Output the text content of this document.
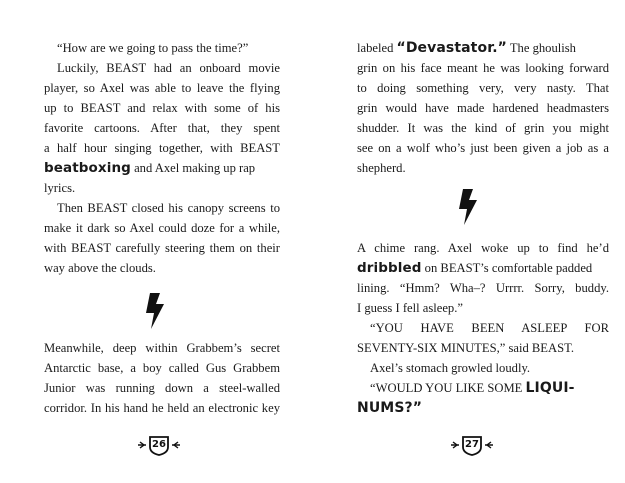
“How are we going to pass the time?”
Luckily, BEAST had an onboard movie
player, so Axel was able to leave the flying
up to BEAST and relax with some of his
favorite cartoons. After that, they spent
a half hour singing together, with BEAST
beatboxing and Axel making up rap
lyrics.
Then BEAST closed his canopy screens to
make it dark so Axel could doze for a while,
with BEAST carefully steering them on their
way above the clouds.
Meanwhile, deep within Grabbem’s secret
Antarctic base, a boy called Gus Grabbem
Junior was running down a steel-walled
corridor. In his hand he held an electronic key
26
labeled “Devastator.” The ghoulish
grin on his face meant he was looking forward
to doing something very, very nasty. That
grin would have made hardened headmasters
shudder. It was the kind of grin you might
see on a wolf who’s just been given a job as a
shepherd.
A chime rang. Axel woke up to find he’d
dribbled on BEAST’s comfortable padded
lining. “Hmm? Wha–? Urrrr. Sorry, buddy.
I guess I fell asleep.”
“YOU HAVE BEEN ASLEEP FOR
SEVENTY-SIX MINUTES,” said BEAST.
Axel’s stomach growled loudly.
“WOULD YOU LIKE SOME LIQUI-
NUMS?”
27
